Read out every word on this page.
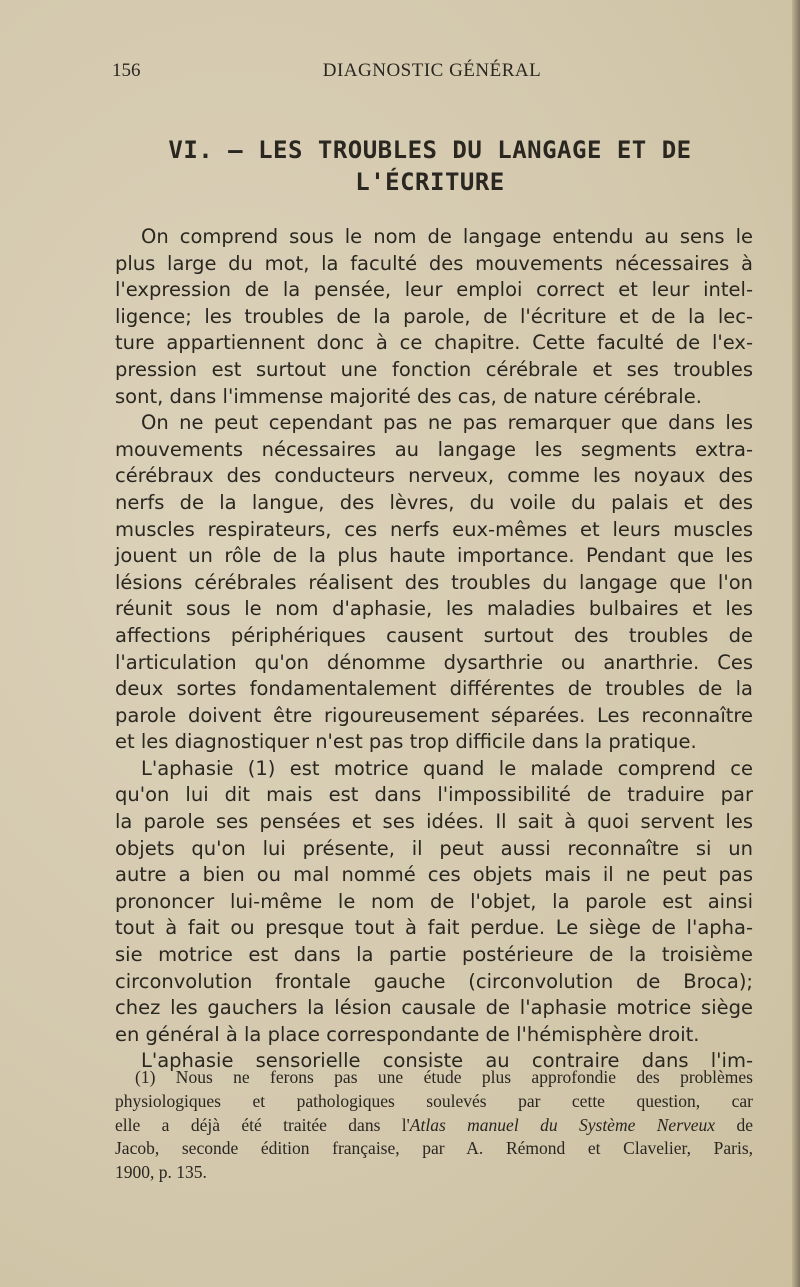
156	DIAGNOSTIC GÉNÉRAL
VI. — LES TROUBLES DU LANGAGE ET DE
L'ÉCRITURE
On comprend sous le nom de langage entendu au sens le
plus large du mot, la faculté des mouvements nécessaires à
l'expression de la pensée, leur emploi correct et leur intel-
ligence; les troubles de la parole, de l'écriture et de la lec-
ture appartiennent donc à ce chapitre. Cette faculté de l'ex-
pression est surtout une fonction cérébrale et ses troubles
sont, dans l'immense majorité des cas, de nature cérébrale.
On ne peut cependant pas ne pas remarquer que dans les
mouvements nécessaires au langage les segments extra-
cérébraux des conducteurs nerveux, comme les noyaux des
nerfs de la langue, des lèvres, du voile du palais et des
muscles respirateurs, ces nerfs eux-mêmes et leurs muscles
jouent un rôle de la plus haute importance. Pendant que les
lésions cérébrales réalisent des troubles du langage que l'on
réunit sous le nom d'aphasie, les maladies bulbaires et les
affections périphériques causent surtout des troubles de
l'articulation qu'on dénomme dysarthrie ou anarthrie. Ces
deux sortes fondamentalement différentes de troubles de la
parole doivent être rigoureusement séparées. Les reconnaître
et les diagnostiquer n'est pas trop difficile dans la pratique.
L'aphasie (1) est motrice quand le malade comprend ce
qu'on lui dit mais est dans l'impossibilité de traduire par
la parole ses pensées et ses idées. Il sait à quoi servent les
objets qu'on lui présente, il peut aussi reconnaître si un
autre a bien ou mal nommé ces objets mais il ne peut pas
prononcer lui-même le nom de l'objet, la parole est ainsi
tout à fait ou presque tout à fait perdue. Le siège de l'apha-
sie motrice est dans la partie postérieure de la troisième
circonvolution frontale gauche (circonvolution de Broca);
chez les gauchers la lésion causale de l'aphasie motrice siège
en général à la place correspondante de l'hémisphère droit.
L'aphasie sensorielle consiste au contraire dans l'im-
(1) Nous ne ferons pas une étude plus approfondie des problèmes
physiologiques et pathologiques soulevés par cette question, car
elle a déjà été traitée dans l'Atlas manuel du Système Nerveux de
Jacob, seconde édition française, par A. Rémond et Clavelier, Paris,
1900, p. 135.
